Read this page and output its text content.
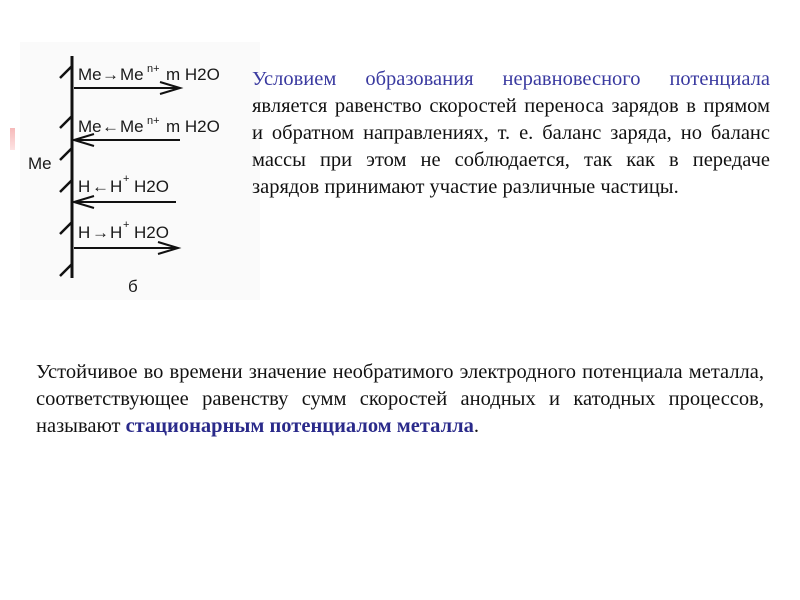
Me
Me → Me n+ m H2O
Me ← Me n+ m H2O
H ← H + H2O
H → H + H2O
б

Условием образования неравновесного потенциала является равенство скоростей переноса зарядов в прямом и обратном направлениях, т. е. баланс заряда, но баланс массы при этом не соблюдается, так как в передаче зарядов принимают участие различные частицы.

Устойчивое во времени значение необратимого электродного потенциала металла, соответствующее равенству сумм скоростей анодных и катодных процессов, называют стационарным потенциалом металла.
